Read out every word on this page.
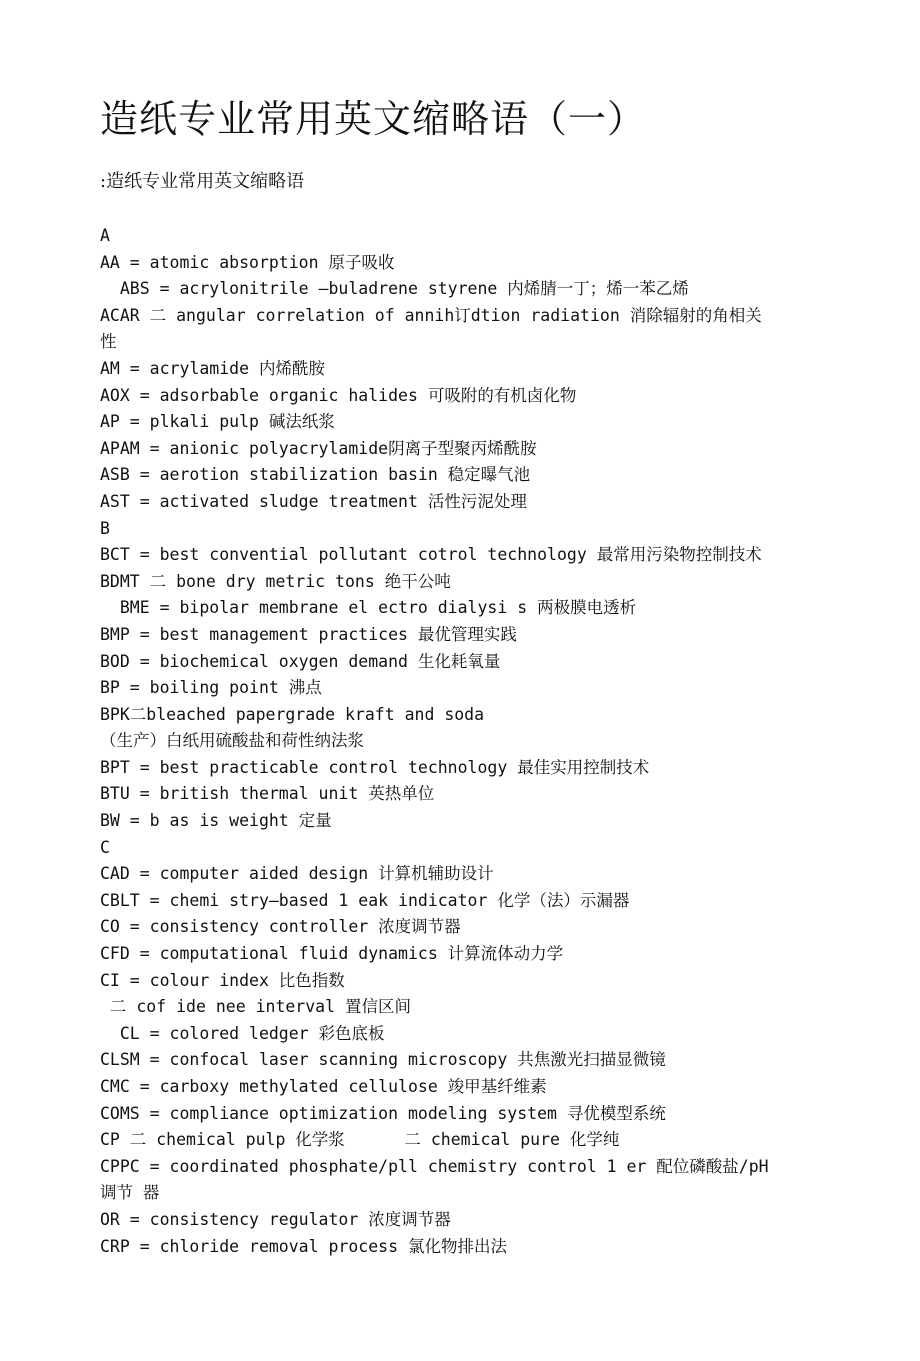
造纸专业常用英文缩略语（一）

:造纸专业常用英文缩略语

A
AA = atomic absorption 原子吸收
ABS = acrylonitrile —buladrene styrene 内烯腈一丁；烯一苯乙烯
ACAR 二 angular correlation of annih订dtion radiation 消除辐射的角相关
性
AM = acrylamide 内烯酰胺
AOX = adsorbable organic halides 可吸附的有机卤化物
AP = plkali pulp 碱法纸浆
APAM = anionic polyacrylamide阴离子型聚丙烯酰胺
ASB = aerotion stabilization basin 稳定曝气池
AST = activated sludge treatment 活性污泥处理
B
BCT = best convential pollutant cotrol technology 最常用污染物控制技术
BDMT 二 bone dry metric tons 绝干公吨
BME = bipolar membrane el ectro dialysi s 两极膜电透析
BMP = best management practices 最优管理实践
BOD = biochemical oxygen demand 生化耗氧量
BP = boiling point 沸点
BPK二bleached papergrade kraft and soda
（生产）白纸用硫酸盐和荷性纳法浆
BPT = best practicable control technology 最佳实用控制技术
BTU = british thermal unit 英热单位
BW = b as is weight 定量
C
CAD = computer aided design 计算机辅助设计
CBLT = chemi stry—based 1 eak indicator 化学（法）示漏器
CO = consistency controller 浓度调节器
CFD = computational fluid dynamics 计算流体动力学
CI = colour index 比色指数
二 cof ide nee interval 置信区间
CL = colored ledger 彩色底板
CLSM = confocal laser scanning microscopy 共焦激光扫描显微镜
CMC = carboxy methylated cellulose 竣甲基纤维素
COMS = compliance optimization modeling system 寻优模型系统
CP 二 chemical pulp 化学浆      二 chemical pure 化学纯
CPPC = coordinated phosphate/pll chemistry control 1 er 配位磷酸盐/pH
调节 器
OR = consistency regulator 浓度调节器
CRP = chloride removal process 氯化物排出法
